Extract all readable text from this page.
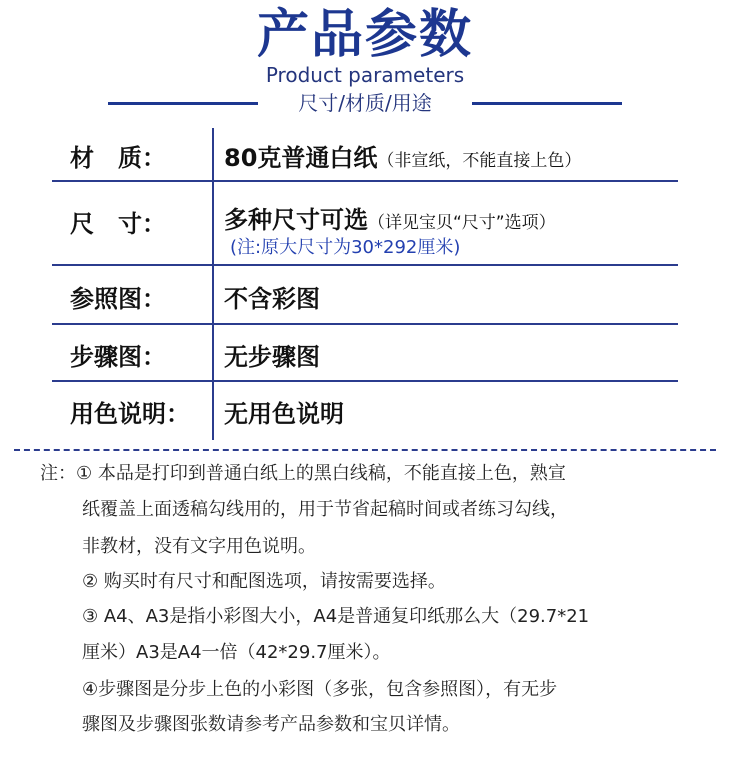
产品参数
Product parameters
尺寸/材质/用途
材　质： 80克普通白纸（非宣纸，不能直接上色）
尺　寸： 多种尺寸可选（详见宝贝“尺寸”选项）
(注:原大尺寸为30*292厘米)
参照图： 不含彩图
步骤图： 无步骤图
用色说明： 无用色说明
注：① 本品是打印到普通白纸上的黑白线稿，不能直接上色，熟宣
纸覆盖上面透稿勾线用的，用于节省起稿时间或者练习勾线，
非教材，没有文字用色说明。
② 购买时有尺寸和配图选项，请按需要选择。
③ A4、A3是指小彩图大小，A4是普通复印纸那么大（29.7*21
厘米）A3是A4一倍（42*29.7厘米）。
④步骤图是分步上色的小彩图（多张，包含参照图），有无步
骤图及步骤图张数请参考产品参数和宝贝详情。
